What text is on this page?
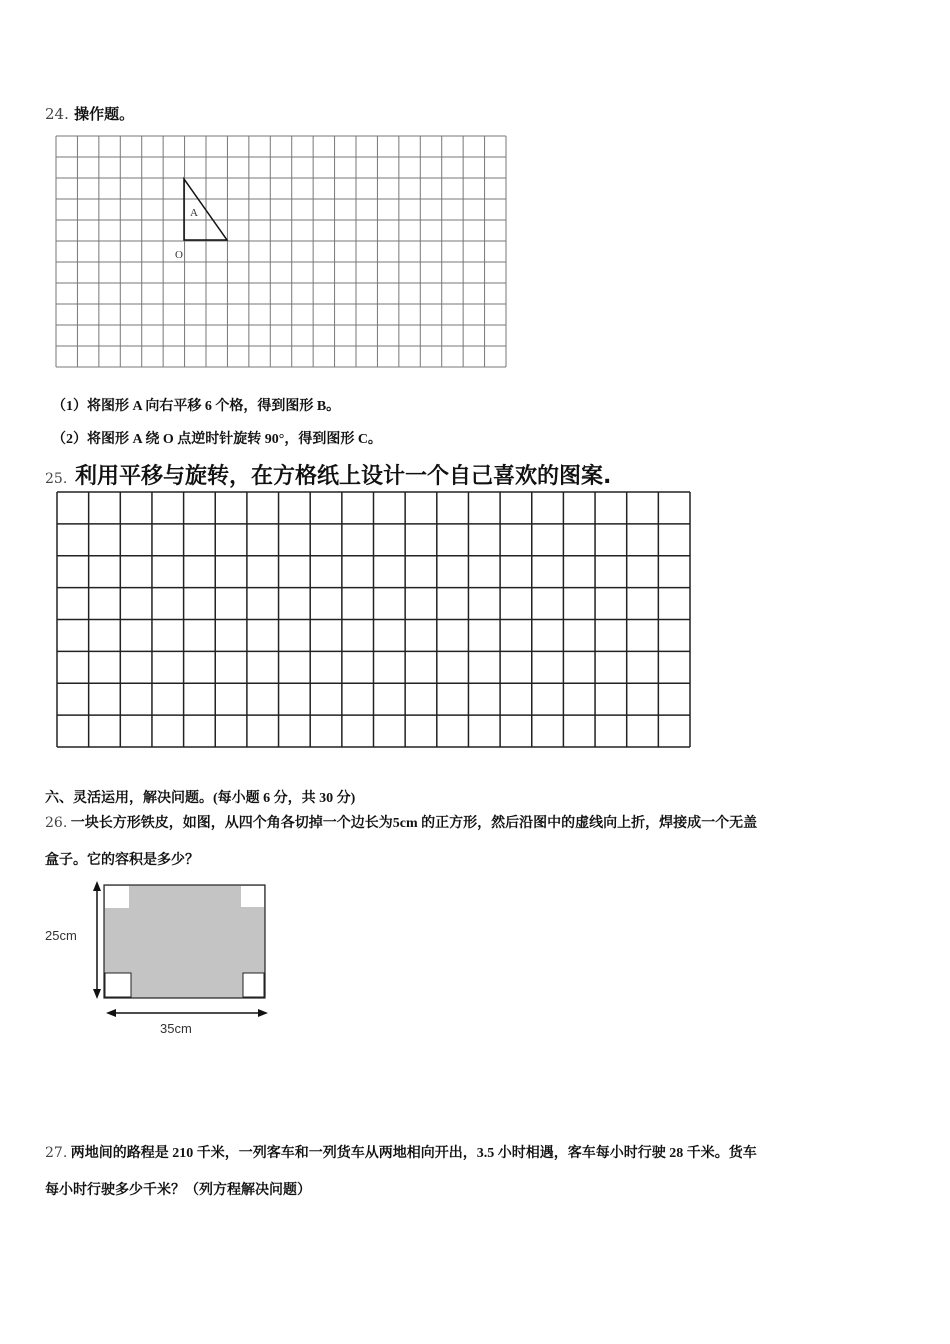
24. 操作题。
A
O
25cm
35cm
（1）将图形 A 向右平移 6 个格，得到图形 B。
（2）将图形 A 绕 O 点逆时针旋转 90°，得到图形 C。
25. 利用平移与旋转，在方格纸上设计一个自己喜欢的图案.
六、灵活运用，解决问题。(每小题 6 分，共 30 分)
26. 一块长方形铁皮，如图，从四个角各切掉一个边长为5cm 的正方形，然后沿图中的虚线向上折，焊接成一个无盖
盒子。它的容积是多少？
27. 两地间的路程是 210 千米，一列客车和一列货车从两地相向开出，3.5 小时相遇，客车每小时行驶 28 千米。货车
每小时行驶多少千米？（列方程解决问题）
